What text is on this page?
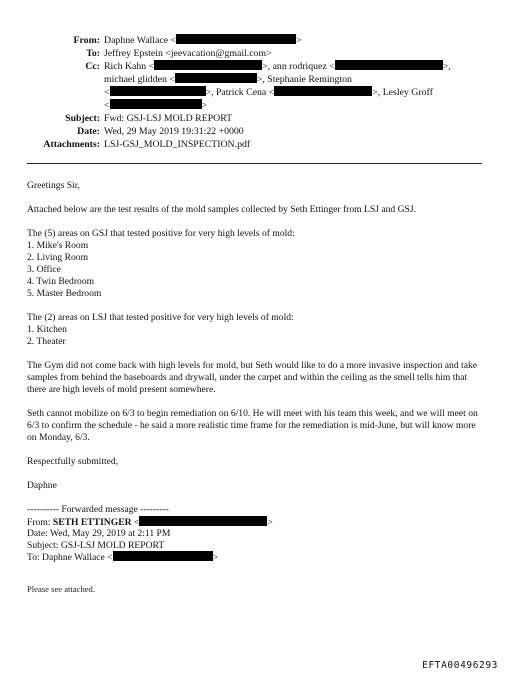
From: Daphne Wallace <	>
To: Jeffrey Epstein <jeevacation@gmail.com>
Cc: Rich Kahn <	>, ann rodriquez <	>,
michael glidden <	>, Stephanie Remington
<	>, Patrick Cena <	>, Lesley Groff
<	>
Subject: Fwd: GSJ-LSJ MOLD REPORT
Date: Wed, 29 May 2019 19:31:22 +0000
Attachments: LSJ-GSJ_MOLD_INSPECTION.pdf

Greetings Sir,

Attached below are the test results of the mold samples collected by Seth Ettinger from LSJ and GSJ.

The (5) areas on GSJ that tested positive for very high levels of mold:
1. Mike's Room
2. Living Room
3. Office
4. Twin Bedroom
5. Master Bedroom
The (2) areas on LSJ that tested positive for very high levels of mold:
1. Kitchen
2. Theater

The Gym did not come back with high levels for mold, but Seth would like to do a more invasive inspection and take samples from behind the baseboards and drywall, under the carpet and within the ceiling as the smell tells him that there are high levels of mold present somewhere.

Seth cannot mobilize on 6/3 to begin remediation on 6/10. He will meet with his team this week, and we will meet on 6/3 to confirm the schedule - he said a more realistic time frame for the remediation is mid-June, but will know more on Monday, 6/3.

Respectfully submitted,

Daphne

---------- Forwarded message ---------
From: SETH ETTINGER <	>
Date: Wed, May 29, 2019 at 2:11 PM
Subject: GSJ-LSJ MOLD REPORT
To: Daphne Wallace <	>
Please see attached.
EFTA00496293
